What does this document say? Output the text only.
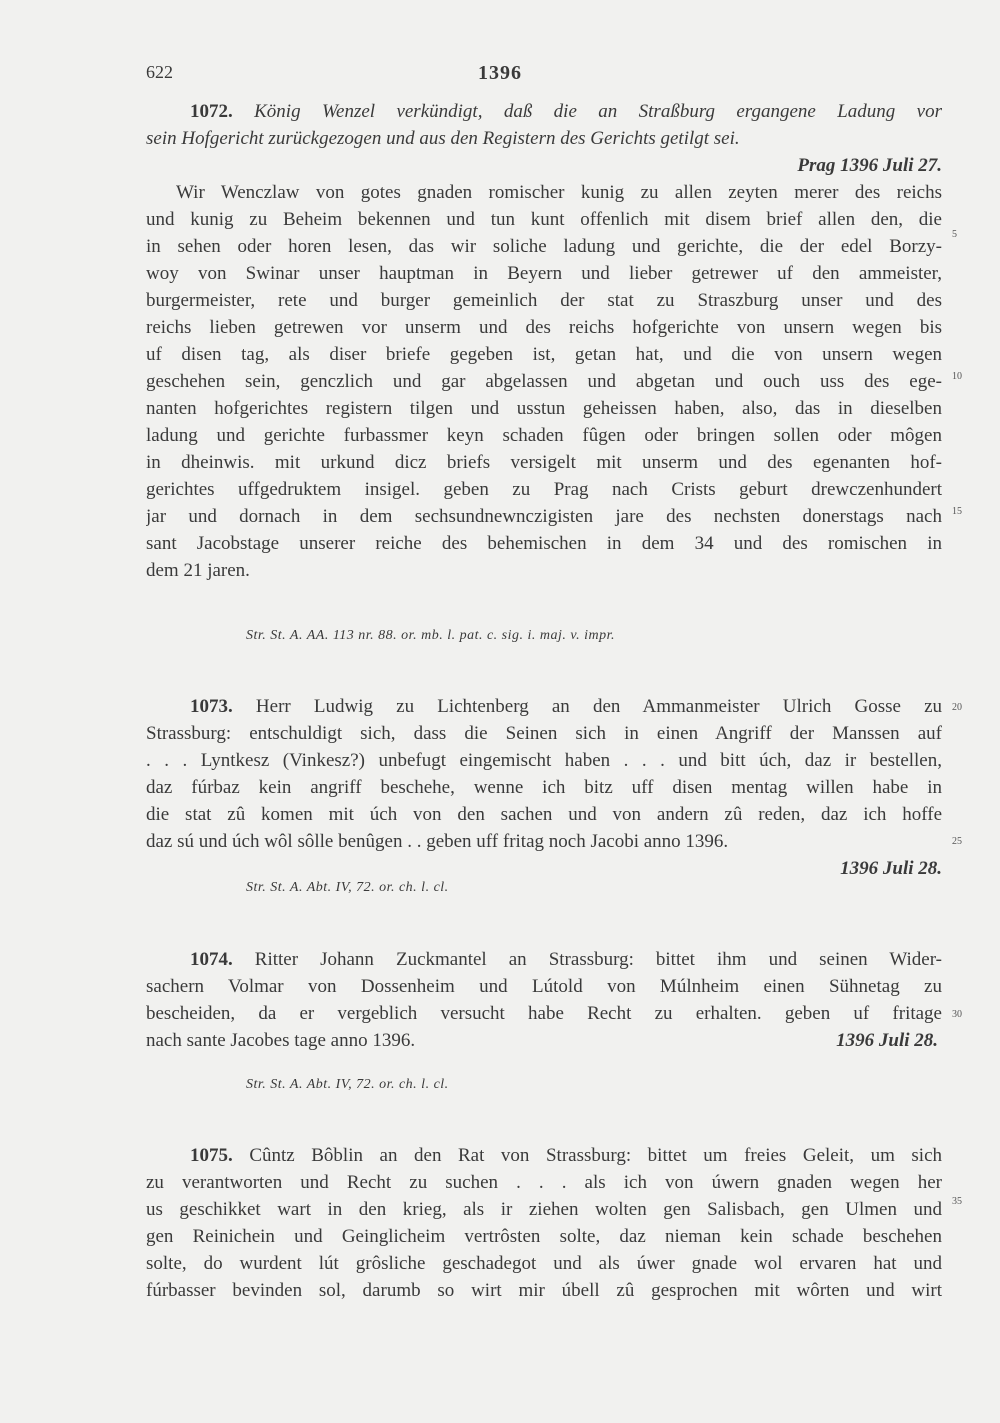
622	1396
1072. König Wenzel verkündigt, daß die an Straßburg ergangene Ladung vor
sein Hofgericht zurückgezogen und aus den Registern des Gerichts getilgt sei.
Prag 1396 Juli 27.
Wir Wenczlaw von gotes gnaden romischer kunig zu allen zeyten merer des reichs
und kunig zu Beheim bekennen und tun kunt offenlich mit disem brief allen den, die
in sehen oder horen lesen, das wir soliche ladung und gerichte, die der edel Borzy-
woy von Swinar unser hauptman in Beyern und lieber getrewer uf den ammeister,
burgermeister, rete und burger gemeinlich der stat zu Straszburg unser und des
reichs lieben getrewen vor unserm und des reichs hofgerichte von unsern wegen bis
uf disen tag, als diser briefe gegeben ist, getan hat, und die von unsern wegen
geschehen sein, genczlich und gar abgelassen und abgetan und ouch uss des ege-
nanten hofgerichtes registern tilgen und usstun geheissen haben, also, das in dieselben
ladung und gerichte furbassmer keyn schaden fûgen oder bringen sollen oder môgen
in dheinwis. mit urkund dicz briefs versigelt mit unserm und des egenanten hof-
gerichtes uffgedruktem insigel. geben zu Prag nach Crists geburt drewczenhundert
jar und dornach in dem sechsundnewnczigisten jare des nechsten donerstags nach
sant Jacobstage unserer reiche des behemischen in dem 34 und des romischen in
dem 21 jaren.
Str. St. A. AA. 113 nr. 88. or. mb. l. pat. c. sig. i. maj. v. impr.
1073. Herr Ludwig zu Lichtenberg an den Ammanmeister Ulrich Gosse zu
Strassburg: entschuldigt sich, dass die Seinen sich in einen Angriff der Manssen auf
. . . Lyntkesz (Vinkesz?) unbefugt eingemischt haben . . . und bitt úch, daz ir bestellen,
daz fúrbaz kein angriff beschehe, wenne ich bitz uff disen mentag willen habe in
die stat zû komen mit úch von den sachen und von andern zû reden, daz ich hoffe
daz sú und úch wôl sôlle benûgen . . geben uff fritag noch Jacobi anno 1396.
1396 Juli 28.
Str. St. A. Abt. IV, 72. or. ch. l. cl.
1074. Ritter Johann Zuckmantel an Strassburg: bittet ihm und seinen Wider-
sachern Volmar von Dossenheim und Lútold von Múlnheim einen Sühnetag zu
bescheiden, da er vergeblich versucht habe Recht zu erhalten. geben uf fritage
nach sante Jacobes tage anno 1396.	1396 Juli 28.
Str. St. A. Abt. IV, 72. or. ch. l. cl.
1075. Cûntz Bôblin an den Rat von Strassburg: bittet um freies Geleit, um sich
zu verantworten und Recht zu suchen . . . als ich von úwern gnaden wegen her
us geschikket wart in den krieg, als ir ziehen wolten gen Salisbach, gen Ulmen und
gen Reinichein und Geinglicheim vertrôsten solte, daz nieman kein schade beschehen
solte, do wurdent lút grôsliche geschadegot und als úwer gnade wol ervaren hat und
fúrbasser bevinden sol, darumb so wirt mir úbell zû gesprochen mit wôrten und wirt
5
10
15
20
25
30
35
